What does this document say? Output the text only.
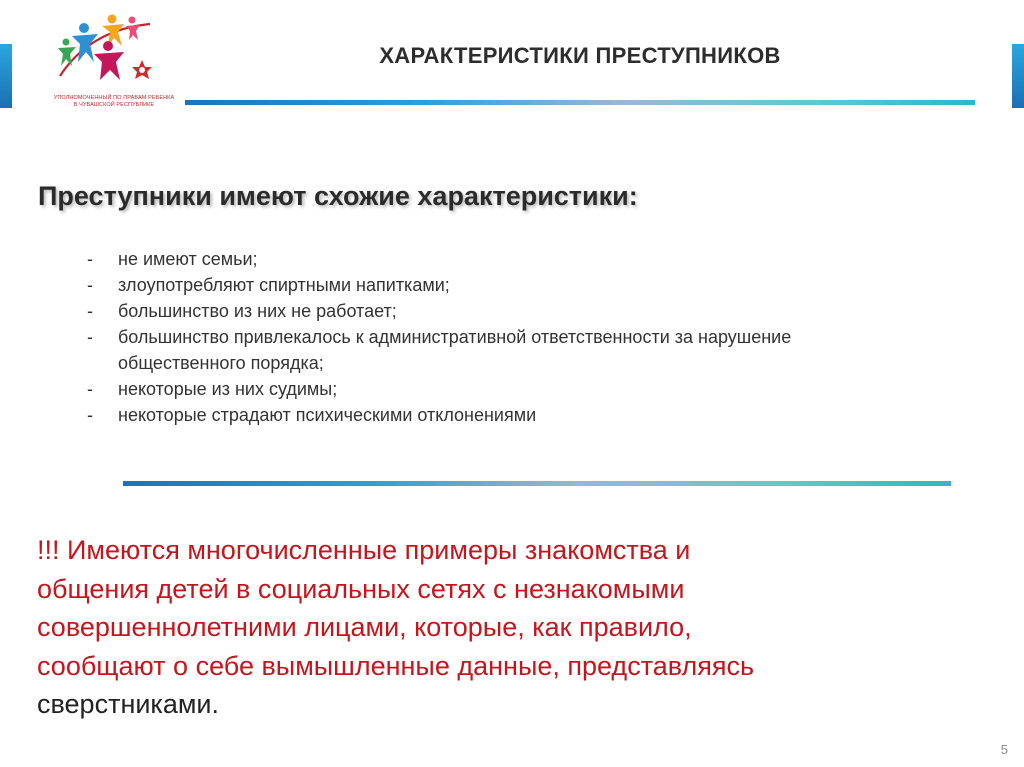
УПОЛНОМОЧЕННЫЙ ПО ПРАВАМ РЕБЕНКА
В ЧУВАШСКОЙ РЕСПУБЛИКЕ
ХАРАКТЕРИСТИКИ ПРЕСТУПНИКОВ
Преступники имеют схожие характеристики:
- не имеют семьи;
- злоупотребляют спиртными напитками;
- большинство из них не работает;
- большинство привлекалось к административной ответственности за нарушение
общественного порядка;
- некоторые из них судимы;
- некоторые страдают психическими отклонениями

!!! Имеются многочисленные примеры знакомства и
общения детей в социальных сетях с незнакомыми
совершеннолетними лицами, которые, как правило,
сообщают о себе вымышленные данные, представляясь
сверстниками.

5
